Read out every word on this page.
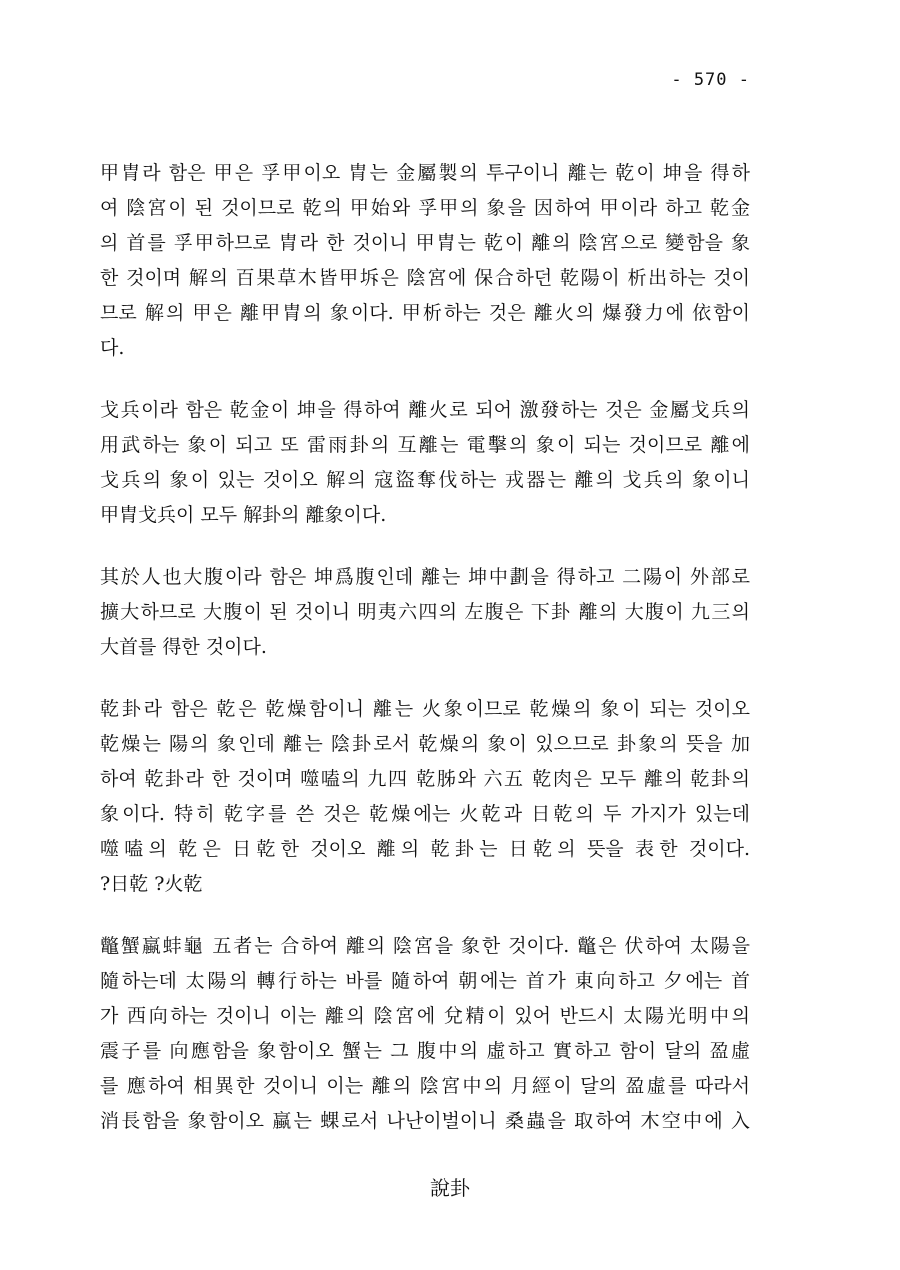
- 570 -
甲胄라 함은 甲은 孚甲이오 胄는 金屬製의 투구이니 離는 乾이 坤을 得하
여 陰宮이 된 것이므로 乾의 甲始와 孚甲의 象을 因하여 甲이라 하고 乾金
의 首를 孚甲하므로 胄라 한 것이니 甲胄는 乾이 離의 陰宮으로 變함을 象
한 것이며 解의 百果草木皆甲坼은 陰宮에 保合하던 乾陽이 析出하는 것이
므로 解의 甲은 離甲胄의 象이다. 甲析하는 것은 離火의 爆發力에 依함이
다.
戈兵이라 함은 乾金이 坤을 得하여 離火로 되어 激發하는 것은 金屬戈兵의
用武하는 象이 되고 또 雷雨卦의 互離는 電擊의 象이 되는 것이므로 離에
戈兵의 象이 있는 것이오 解의 寇盜奪伐하는 戎器는 離의 戈兵의 象이니
甲胄戈兵이 모두 解卦의 離象이다.
其於人也大腹이라 함은 坤爲腹인데 離는 坤中劃을 得하고 二陽이 外部로
擴大하므로 大腹이 된 것이니 明夷六四의 左腹은 下卦 離의 大腹이 九三의
大首를 得한 것이다.
乾卦라 함은 乾은 乾燥함이니 離는 火象이므로 乾燥의 象이 되는 것이오
乾燥는 陽의 象인데 離는 陰卦로서 乾燥의 象이 있으므로 卦象의 뜻을 加
하여 乾卦라 한 것이며 噬嗑의 九四 乾胏와 六五 乾肉은 모두 離의 乾卦의
象이다. 特히 乾字를 쓴 것은 乾燥에는 火乾과 日乾의 두 가지가 있는데
噬嗑의 乾은 日乾한 것이오 離의 乾卦는 日乾의 뜻을 表한 것이다.
?日乾 ?火乾
鼈蟹蠃蚌龜 五者는 合하여 離의 陰宮을 象한 것이다. 鼈은 伏하여 太陽을
隨하는데 太陽의 轉行하는 바를 隨하여 朝에는 首가 東向하고 夕에는 首
가 西向하는 것이니 이는 離의 陰宮에 兌精이 있어 반드시 太陽光明中의
震子를 向應함을 象함이오 蟹는 그 腹中의 虛하고 實하고 함이 달의 盈虛
를 應하여 相異한 것이니 이는 離의 陰宮中의 月經이 달의 盈虛를 따라서
消長함을 象함이오 蠃는 蜾로서 나난이벌이니 桑蟲을 取하여 木空中에 入
說卦
